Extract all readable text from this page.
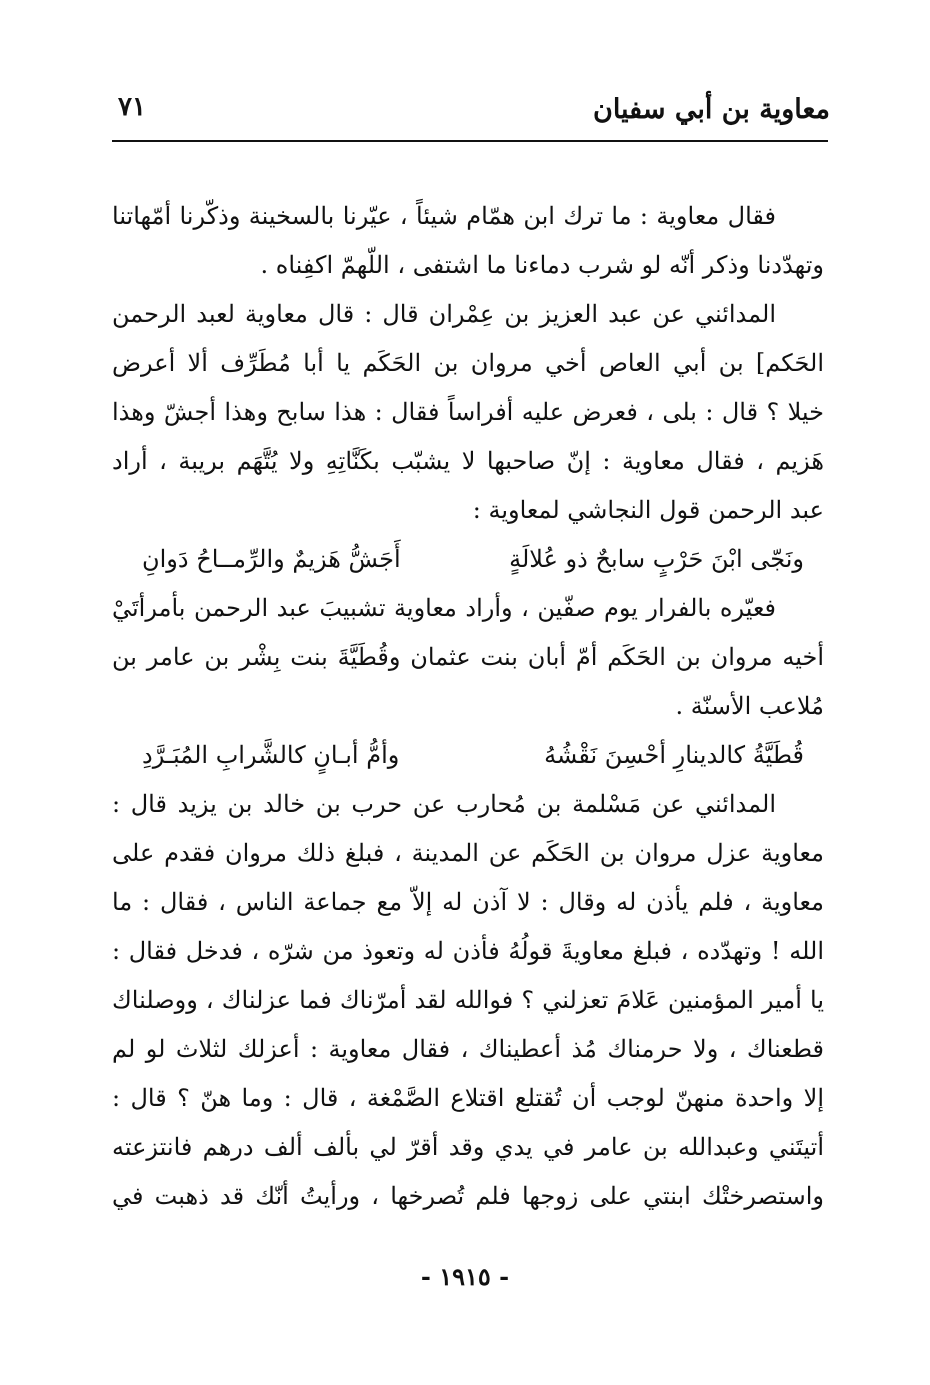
معاوية بن أبي سفيان
٧١
فقال معاوية : ما ترك ابن همّام شيئاً ، عيّرنا بالسخينة وذكّرنا أمّهاتنا
وتهدّدنا وذكر أنّه لو شرب دماءنا ما اشتفى ، اللّهمّ اكفِناه .
المدائني عن عبد العزيز بن عِمْران قال : قال معاوية لعبد الرحمن
الحَكم] بن أبي العاص أخي مروان بن الحَكَم يا أبا مُطَرِّف ألا أعرض
خيلا ؟ قال : بلى ، فعرض عليه أفراساً فقال : هذا سابح وهذا أجشّ وهذا
هَزيم ، فقال معاوية : إنّ صاحبها لا يشبّب بكَنَّاتِهِ ولا يُتَّهَم بريبة ، أراد
عبد الرحمن قول النجاشي لمعاوية :
ونَجّى ابْنَ حَرْبٍ سابحٌ ذو عُلالَةٍ
أَجَشُّ هَزيمٌ والرِّمــاحُ دَوانِ
فعيّره بالفرار يوم صفّين ، وأراد معاوية تشبيبَ عبد الرحمن بأمرأتَيْ
أخيه مروان بن الحَكَم أمّ أبان بنت عثمان وقُطَيَّةَ بنت بِشْر بن عامر بن
مُلاعب الأسنّة .
قُطَيَّةُ كالدينارِ أحْسِنَ نَقْشُهُ
وأمُّ أبـانٍ كالشَّرابِ المُبَـرَّدِ
المدائني عن مَسْلمة بن مُحارب عن حرب بن خالد بن يزيد قال :
معاوية عزل مروان بن الحَكَم عن المدينة ، فبلغ ذلك مروان فقدم على
معاوية ، فلم يأذن له وقال : لا آذن له إلاّ مع جماعة الناس ، فقال : ما
الله ! وتهدّده ، فبلغ معاويةَ قولُهُ فأذن له وتعوذ من شرّه ، فدخل فقال :
يا أمير المؤمنين عَلامَ تعزلني ؟ فوالله لقد أمرّناك فما عزلناك ، ووصلناك
قطعناك ، ولا حرمناك مُذ أعطيناك ، فقال معاوية : أعزلك لثلاث لو لم
إلا واحدة منهنّ لوجب أن تُقتلع اقتلاع الصَّمْغة ، قال : وما هنّ ؟ قال :
أتيتَني وعبدالله بن عامر في يدي وقد أقرّ لي بألف ألف درهم فانتزعته
واستصرختْك ابنتي على زوجها فلم تُصرخها ، ورأيتُ أنّك قد ذهبت في
- ١٩١٥ -
